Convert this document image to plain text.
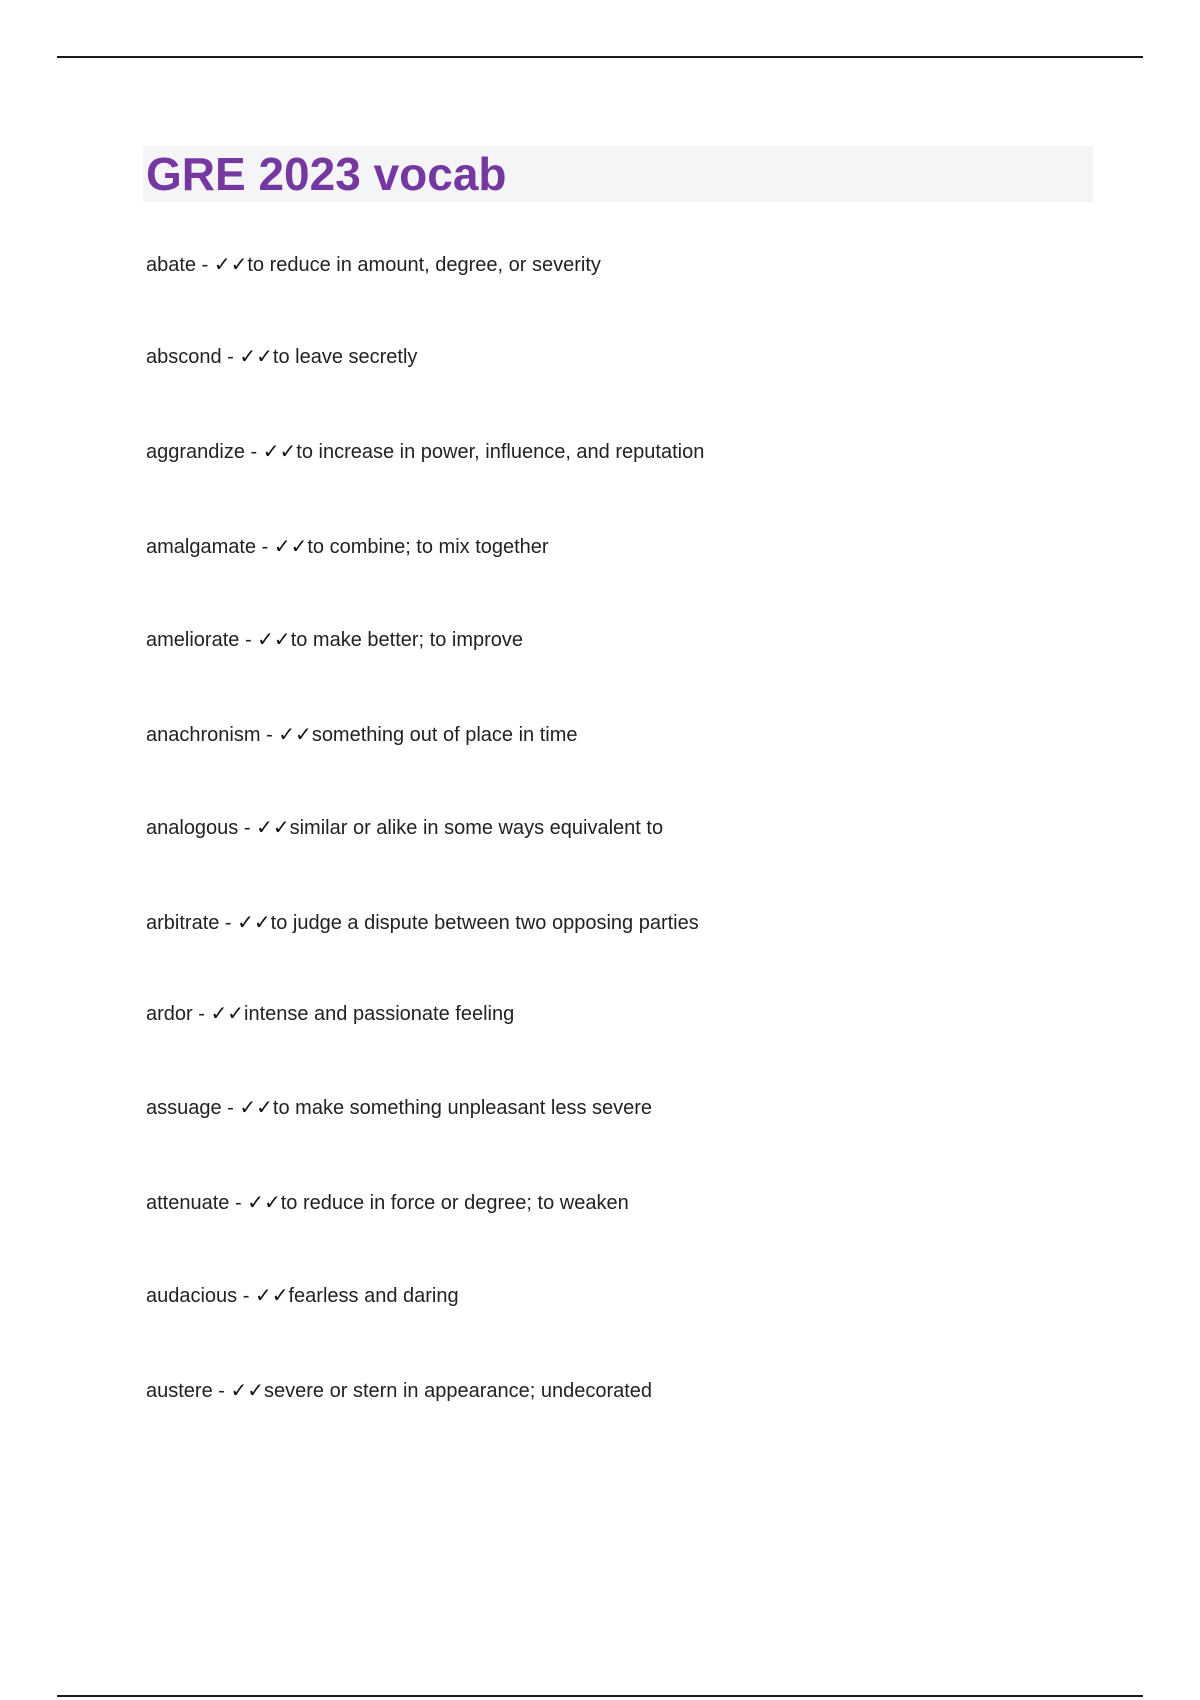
GRE 2023 vocab
abate - ✓✓to reduce in amount, degree, or severity
abscond - ✓✓to leave secretly
aggrandize - ✓✓to increase in power, influence, and reputation
amalgamate - ✓✓to combine; to mix together
ameliorate - ✓✓to make better; to improve
anachronism - ✓✓something out of place in time
analogous - ✓✓similar or alike in some ways equivalent to
arbitrate - ✓✓to judge a dispute between two opposing parties
ardor - ✓✓intense and passionate feeling
assuage - ✓✓to make something unpleasant less severe
attenuate - ✓✓to reduce in force or degree; to weaken
audacious - ✓✓fearless and daring
austere - ✓✓severe or stern in appearance; undecorated
